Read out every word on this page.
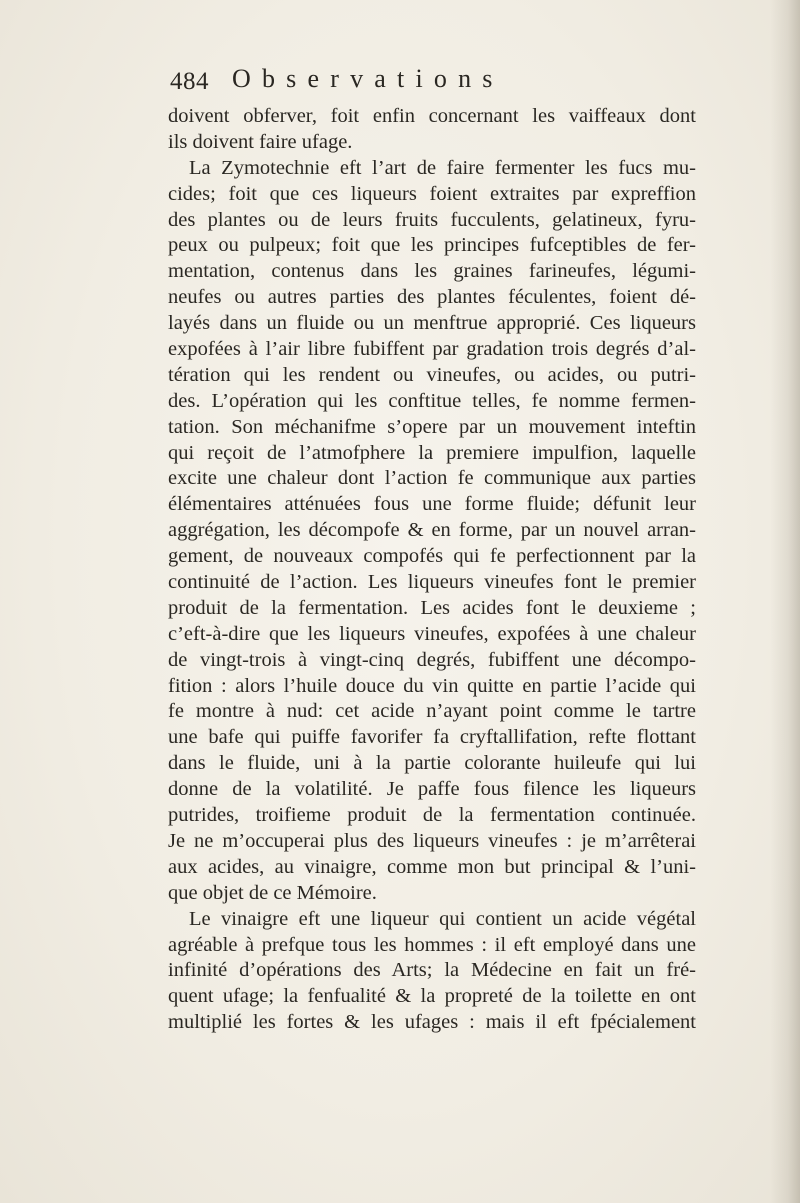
484 Observations
doivent obferver, foit enfin concernant les vaiffeaux dont
ils doivent faire ufage.
La Zymotechnie eft l’art de faire fermenter les fucs mu-
cides; foit que ces liqueurs foient extraites par expreffion
des plantes ou de leurs fruits fucculents, gelatineux, fyru-
peux ou pulpeux; foit que les principes fufceptibles de fer-
mentation, contenus dans les graines farineufes, légumi-
neufes ou autres parties des plantes féculentes, foient dé-
layés dans un fluide ou un menftrue approprié. Ces liqueurs
expofées à l’air libre fubiffent par gradation trois degrés d’al-
tération qui les rendent ou vineufes, ou acides, ou putri-
des. L’opération qui les conftitue telles, fe nomme fermen-
tation. Son méchanifme s’opere par un mouvement inteftin
qui reçoit de l’atmofphere la premiere impulfion, laquelle
excite une chaleur dont l’action fe communique aux parties
élémentaires atténuées fous une forme fluide; défunit leur
aggrégation, les décompofe & en forme, par un nouvel arran-
gement, de nouveaux compofés qui fe perfectionnent par la
continuité de l’action. Les liqueurs vineufes font le premier
produit de la fermentation. Les acides font le deuxieme ;
c’eft-à-dire que les liqueurs vineufes, expofées à une chaleur
de vingt-trois à vingt-cinq degrés, fubiffent une décompo-
fition : alors l’huile douce du vin quitte en partie l’acide qui
fe montre à nud: cet acide n’ayant point comme le tartre
une bafe qui puiffe favorifer fa cryftallifation, refte flottant
dans le fluide, uni à la partie colorante huileufe qui lui
donne de la volatilité. Je paffe fous filence les liqueurs
putrides, troifieme produit de la fermentation continuée.
Je ne m’occuperai plus des liqueurs vineufes : je m’arrêterai
aux acides, au vinaigre, comme mon but principal & l’uni-
que objet de ce Mémoire.
Le vinaigre eft une liqueur qui contient un acide végétal
agréable à prefque tous les hommes : il eft employé dans une
infinité d’opérations des Arts; la Médecine en fait un fré-
quent ufage; la fenfualité & la propreté de la toilette en ont
multiplié les fortes & les ufages : mais il eft fpécialement
